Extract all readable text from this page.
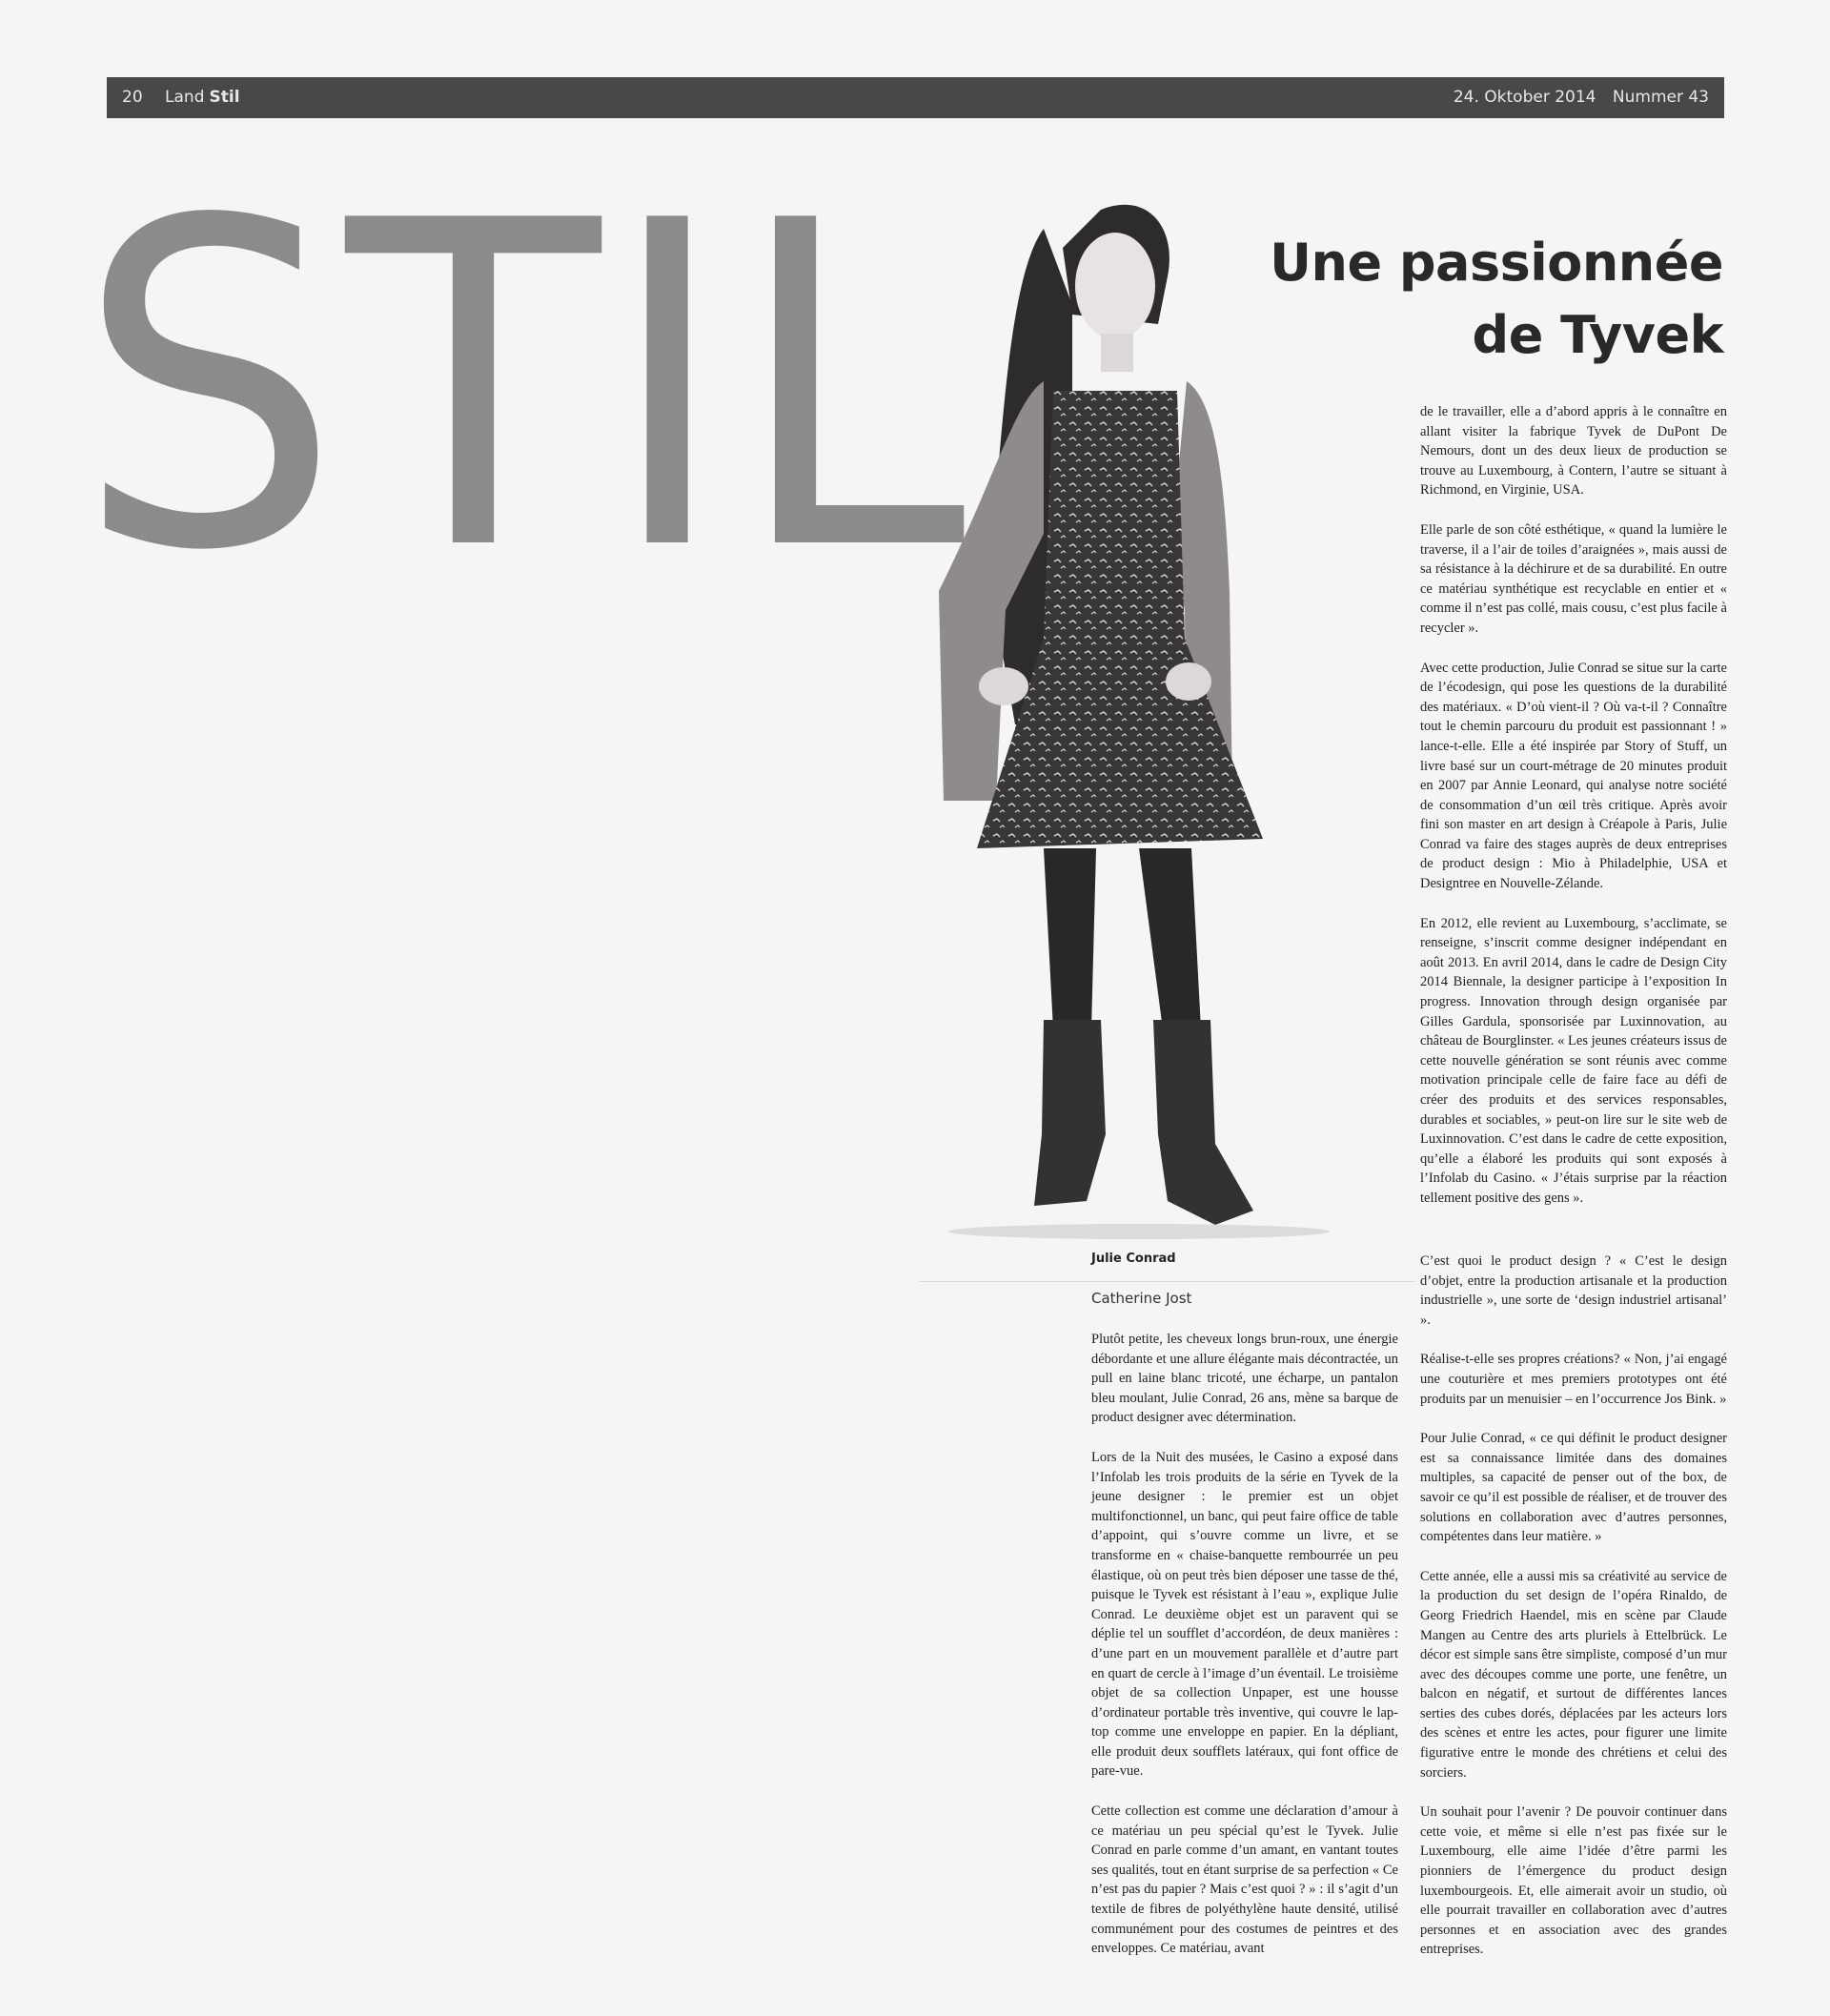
20 Land Stil	24. Oktober 2014 Nummer 43
STIL	Une passionnée
de Tyvek
Julie Conrad
Catherine Jost

Plutôt petite, les cheveux longs brun-roux, une énergie débordante et une allure élégante mais décontractée, un pull en laine blanc tricoté, une écharpe, un pantalon bleu moulant, Julie Conrad, 26 ans, mène sa barque de product designer avec détermination.

Lors de la Nuit des musées, le Casino a exposé dans l’Infolab les trois produits de la série en Tyvek de la jeune designer : le premier est un objet multifonctionnel, un banc, qui peut faire office de table d’appoint, qui s’ouvre comme un livre, et se transforme en « chaise-banquette rembourrée un peu élastique, où on peut très bien déposer une tasse de thé, puisque le Tyvek est résistant à l’eau », explique Julie Conrad. Le deuxième objet est un paravent qui se déplie tel un soufflet d’accordéon, de deux manières : d’une part en un mouvement parallèle et d’autre part en quart de cercle à l’image d’un éventail. Le troisième objet de sa collection Unpaper, est une housse d’ordinateur portable très inventive, qui couvre le lap-top comme une enveloppe en papier. En la dépliant, elle produit deux soufflets latéraux, qui font office de pare-vue.

Cette collection est comme une déclaration d’amour à ce matériau un peu spécial qu’est le Tyvek. Julie Conrad en parle comme d’un amant, en vantant toutes ses qualités, tout en étant surprise de sa perfection « Ce n’est pas du papier ? Mais c’est quoi ? » : il s’agit d’un textile de fibres de polyéthylène haute densité, utilisé communément pour des costumes de peintres et des enveloppes. Ce matériau, avant

de le travailler, elle a d’abord appris à le connaître en allant visiter la fabrique Tyvek de DuPont De Nemours, dont un des deux lieux de production se trouve au Luxembourg, à Contern, l’autre se situant à Richmond, en Virginie, USA.

Elle parle de son côté esthétique, « quand la lumière le traverse, il a l’air de toiles d’araignées », mais aussi de sa résistance à la déchirure et de sa durabilité. En outre ce matériau synthétique est recyclable en entier et « comme il n’est pas collé, mais cousu, c’est plus facile à recycler ».

Avec cette production, Julie Conrad se situe sur la carte de l’écodesign, qui pose les questions de la durabilité des matériaux. « D’où vient-il ? Où va-t-il ? Connaître tout le chemin parcouru du produit est passionnant ! » lance-t-elle. Elle a été inspirée par Story of Stuff, un livre basé sur un court-métrage de 20 minutes produit en 2007 par Annie Leonard, qui analyse notre société de consommation d’un œil très critique. Après avoir fini son master en art design à Créapole à Paris, Julie Conrad va faire des stages auprès de deux entreprises de product design : Mio à Philadelphie, USA et Designtree en Nouvelle-Zélande.

En 2012, elle revient au Luxembourg, s’acclimate, se renseigne, s’inscrit comme designer indépendant en août 2013. En avril 2014, dans le cadre de Design City 2014 Biennale, la designer participe à l’exposition In progress. Innovation through design organisée par Gilles Gardula, sponsorisée par Luxinnovation, au château de Bourglinster. « Les jeunes créateurs issus de cette nouvelle génération se sont réunis avec comme motivation principale celle de faire face au défi de créer des produits et des services responsables, durables et sociables, » peut-on lire sur le site web de Luxinnovation. C’est dans le cadre de cette exposition, qu’elle a élaboré les produits qui sont exposés à l’Infolab du Casino. « J’étais surprise par la réaction tellement positive des gens ».

C’est quoi le product design ? « C’est le design d’objet, entre la production artisanale et la production industrielle », une sorte de ‘design industriel artisanal’ ».

Réalise-t-elle ses propres créations? « Non, j’ai engagé une couturière et mes premiers prototypes ont été produits par un menuisier – en l’occurrence Jos Bink. »

Pour Julie Conrad, « ce qui définit le product designer est sa connaissance limitée dans des domaines multiples, sa capacité de penser out of the box, de savoir ce qu’il est possible de réaliser, et de trouver des solutions en collaboration avec d’autres personnes, compétentes dans leur matière. »

Cette année, elle a aussi mis sa créativité au service de la production du set design de l’opéra Rinaldo, de Georg Friedrich Haendel, mis en scène par Claude Mangen au Centre des arts pluriels à Ettelbrück. Le décor est simple sans être simpliste, composé d’un mur avec des découpes comme une porte, une fenêtre, un balcon en négatif, et surtout de différentes lances serties des cubes dorés, déplacées par les acteurs lors des scènes et entre les actes, pour figurer une limite figurative entre le monde des chrétiens et celui des sorciers.

Un souhait pour l’avenir ? De pouvoir continuer dans cette voie, et même si elle n’est pas fixée sur le Luxembourg, elle aime l’idée d’être parmi les pionniers de l’émergence du product design luxembourgeois. Et, elle aimerait avoir un studio, où elle pourrait travailler en collaboration avec d’autres personnes et en association avec des grandes entreprises.
